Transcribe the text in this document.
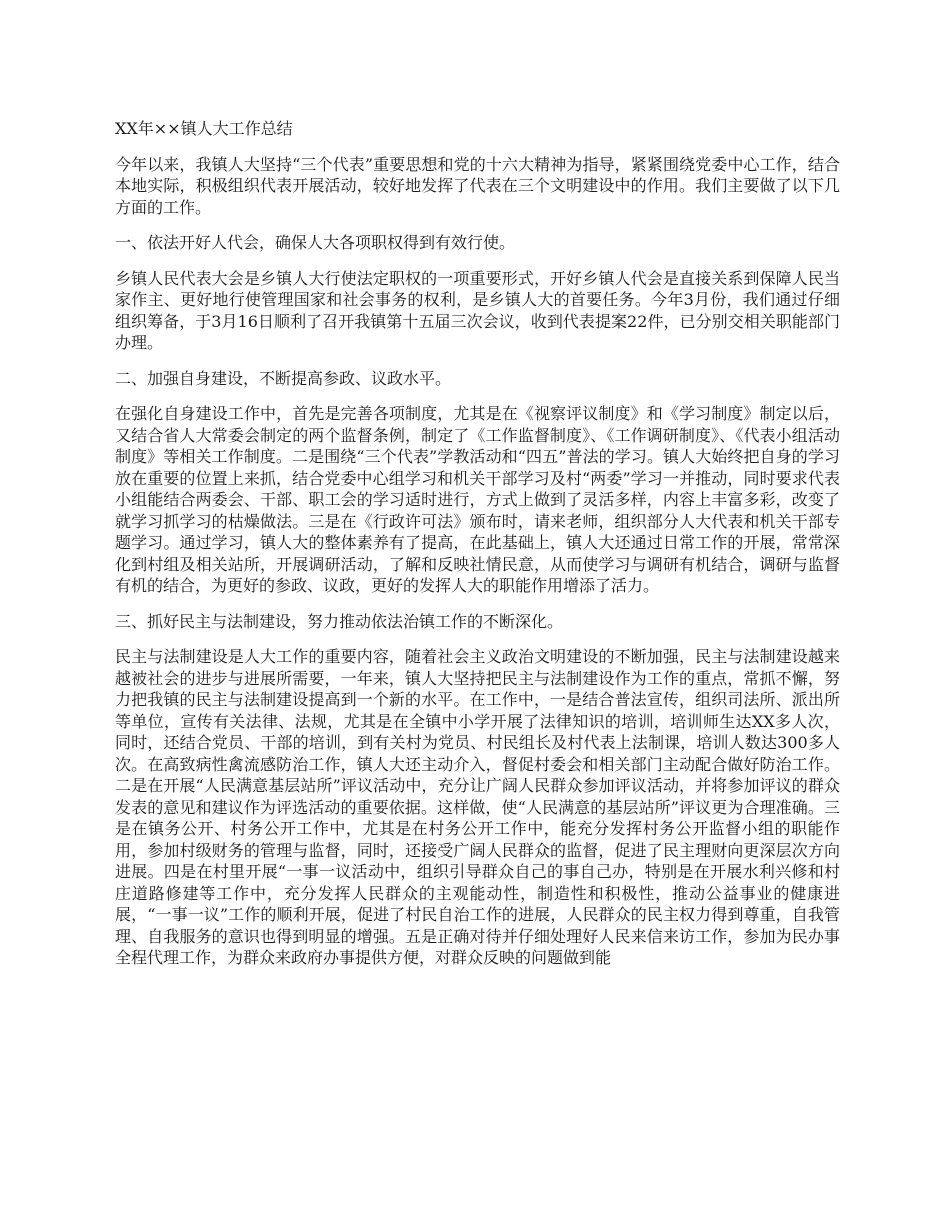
XX年××镇人大工作总结
今年以来，我镇人大坚持“三个代表”重要思想和党的十六大精神为指导，紧紧围绕党委中心工作，结合本地实际，积极组织代表开展活动，较好地发挥了代表在三个文明建设中的作用。我们主要做了以下几方面的工作。
一、依法开好人代会，确保人大各项职权得到有效行使。
乡镇人民代表大会是乡镇人大行使法定职权的一项重要形式，开好乡镇人代会是直接关系到保障人民当家作主、更好地行使管理国家和社会事务的权利，是乡镇人大的首要任务。今年3月份，我们通过仔细组织筹备，于3月16日顺利了召开我镇第十五届三次会议，收到代表提案22件，已分别交相关职能部门办理。
二、加强自身建设，不断提高参政、议政水平。
在强化自身建设工作中，首先是完善各项制度，尤其是在《视察评议制度》和《学习制度》制定以后，又结合省人大常委会制定的两个监督条例，制定了《工作监督制度》、《工作调研制度》、《代表小组活动制度》等相关工作制度。二是围绕“三个代表”学教活动和“四五”普法的学习。镇人大始终把自身的学习放在重要的位置上来抓，结合党委中心组学习和机关干部学习及村“两委”学习一并推动，同时要求代表小组能结合两委会、干部、职工会的学习适时进行，方式上做到了灵活多样，内容上丰富多彩，改变了就学习抓学习的枯燥做法。三是在《行政许可法》颁布时，请来老师，组织部分人大代表和机关干部专题学习。通过学习，镇人大的整体素养有了提高，在此基础上，镇人大还通过日常工作的开展，常常深化到村组及相关站所，开展调研活动，了解和反映社情民意，从而使学习与调研有机结合，调研与监督有机的结合，为更好的参政、议政，更好的发挥人大的职能作用增添了活力。
三、抓好民主与法制建设，努力推动依法治镇工作的不断深化。
民主与法制建设是人大工作的重要内容，随着社会主义政治文明建设的不断加强，民主与法制建设越来越被社会的进步与进展所需要，一年来，镇人大坚持把民主与法制建设作为工作的重点，常抓不懈，努力把我镇的民主与法制建设提高到一个新的水平。在工作中，一是结合普法宣传，组织司法所、派出所等单位，宣传有关法律、法规，尤其是在全镇中小学开展了法律知识的培训，培训师生达XX多人次，同时，还结合党员、干部的培训，到有关村为党员、村民组长及村代表上法制课，培训人数达300多人次。在高致病性禽流感防治工作，镇人大还主动介入，督促村委会和相关部门主动配合做好防治工作。二是在开展“人民满意基层站所”评议活动中，充分让广阔人民群众参加评议活动，并将参加评议的群众发表的意见和建议作为评选活动的重要依据。这样做，使“人民满意的基层站所”评议更为合理准确。三是在镇务公开、村务公开工作中，尤其是在村务公开工作中，能充分发挥村务公开监督小组的职能作用，参加村级财务的管理与监督，同时，还接受广阔人民群众的监督，促进了民主理财向更深层次方向进展。四是在村里开展“一事一议活动中，组织引导群众自己的事自己办，特别是在开展水利兴修和村庄道路修建等工作中，充分发挥人民群众的主观能动性，制造性和积极性，推动公益事业的健康进展，“一事一议”工作的顺利开展，促进了村民自治工作的进展，人民群众的民主权力得到尊重，自我管理、自我服务的意识也得到明显的增强。五是正确对待并仔细处理好人民来信来访工作，参加为民办事全程代理工作，为群众来政府办事提供方便，对群众反映的问题做到能
